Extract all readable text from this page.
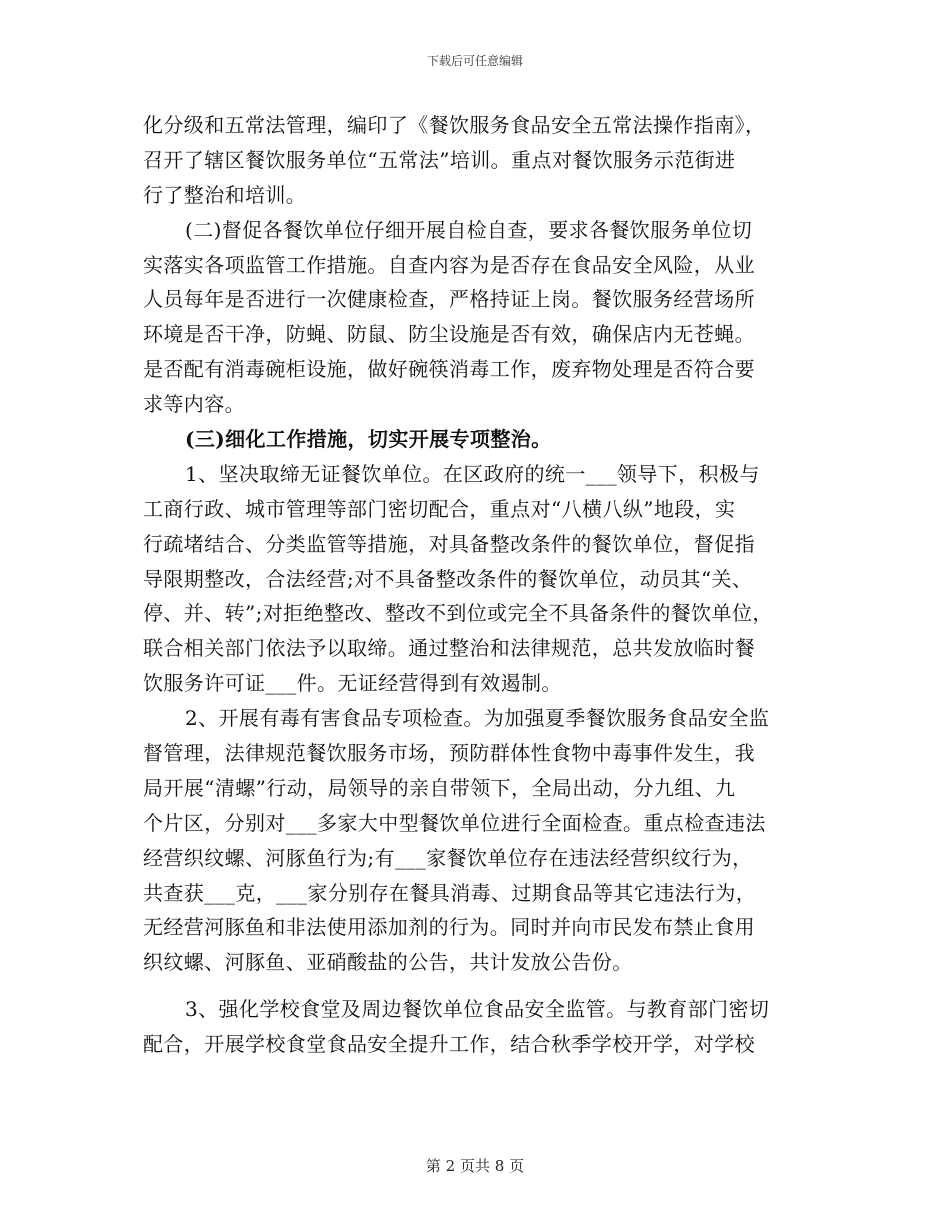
下载后可任意编辑
化分级和五常法管理，编印了《餐饮服务食品安全五常法操作指南》，
召开了辖区餐饮服务单位“五常法”培训。重点对餐饮服务示范街进
行了整治和培训。
(二)督促各餐饮单位仔细开展自检自查，要求各餐饮服务单位切
实落实各项监管工作措施。自查内容为是否存在食品安全风险，从业
人员每年是否进行一次健康检查，严格持证上岗。餐饮服务经营场所
环境是否干净，防蝇、防鼠、防尘设施是否有效，确保店内无苍蝇。
是否配有消毒碗柜设施，做好碗筷消毒工作，废弃物处理是否符合要
求等内容。
(三)细化工作措施，切实开展专项整治。
1、坚决取缔无证餐饮单位。在区政府的统一___领导下，积极与
工商行政、城市管理等部门密切配合，重点对“八横八纵”地段，实
行疏堵结合、分类监管等措施，对具备整改条件的餐饮单位，督促指
导限期整改，合法经营;对不具备整改条件的餐饮单位，动员其“关、
停、并、转”;对拒绝整改、整改不到位或完全不具备条件的餐饮单位，
联合相关部门依法予以取缔。通过整治和法律规范，总共发放临时餐
饮服务许可证___件。无证经营得到有效遏制。
2、开展有毒有害食品专项检查。为加强夏季餐饮服务食品安全监
督管理，法律规范餐饮服务市场，预防群体性食物中毒事件发生，我
局开展“清螺”行动，局领导的亲自带领下，全局出动，分九组、九
个片区，分别对___多家大中型餐饮单位进行全面检查。重点检查违法
经营织纹螺、河豚鱼行为;有___家餐饮单位存在违法经营织纹行为，
共查获___克，___家分别存在餐具消毒、过期食品等其它违法行为，
无经营河豚鱼和非法使用添加剂的行为。同时并向市民发布禁止食用
织纹螺、河豚鱼、亚硝酸盐的公告，共计发放公告份。
3、强化学校食堂及周边餐饮单位食品安全监管。与教育部门密切
配合，开展学校食堂食品安全提升工作，结合秋季学校开学，对学校
第 2 页共 8 页
